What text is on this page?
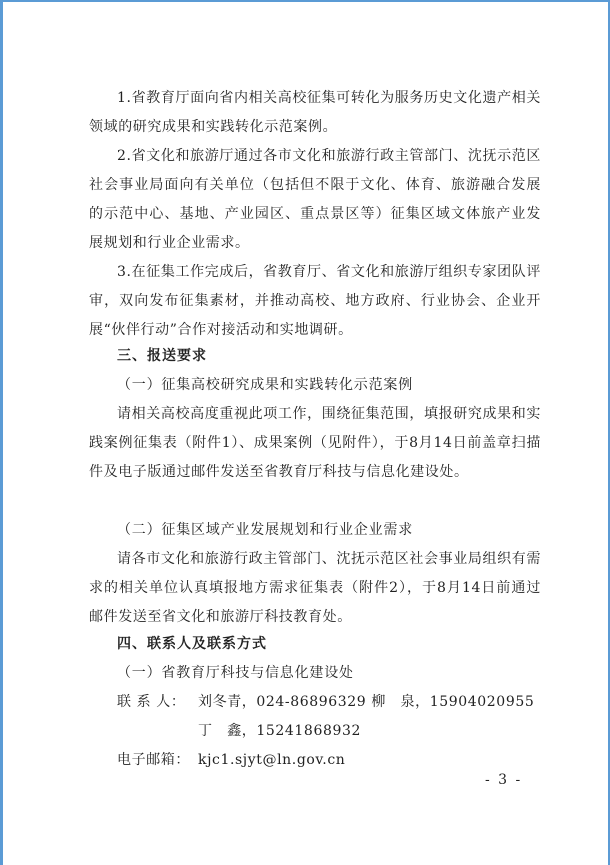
1.省教育厅面向省内相关高校征集可转化为服务历史文化遗产相关领域的研究成果和实践转化示范案例。

2.省文化和旅游厅通过各市文化和旅游行政主管部门、沈抚示范区社会事业局面向有关单位（包括但不限于文化、体育、旅游融合发展的示范中心、基地、产业园区、重点景区等）征集区域文体旅产业发展规划和行业企业需求。

3.在征集工作完成后，省教育厅、省文化和旅游厅组织专家团队评审，双向发布征集素材，并推动高校、地方政府、行业协会、企业开展“伙伴行动”合作对接活动和实地调研。

三、报送要求

（一）征集高校研究成果和实践转化示范案例

请相关高校高度重视此项工作，围绕征集范围，填报研究成果和实践案例征集表（附件1）、成果案例（见附件），于8月14日前盖章扫描件及电子版通过邮件发送至省教育厅科技与信息化建设处。

（二）征集区域产业发展规划和行业企业需求

请各市文化和旅游行政主管部门、沈抚示范区社会事业局组织有需求的相关单位认真填报地方需求征集表（附件2），于8月14日前通过邮件发送至省文化和旅游厅科技教育处。

四、联系人及联系方式

（一）省教育厅科技与信息化建设处

联 系 人： 刘冬青，024-86896329 柳　泉，15904020955
丁　鑫，15241868932
电子邮箱： kjc1.sjyt@ln.gov.cn
- 3 -
